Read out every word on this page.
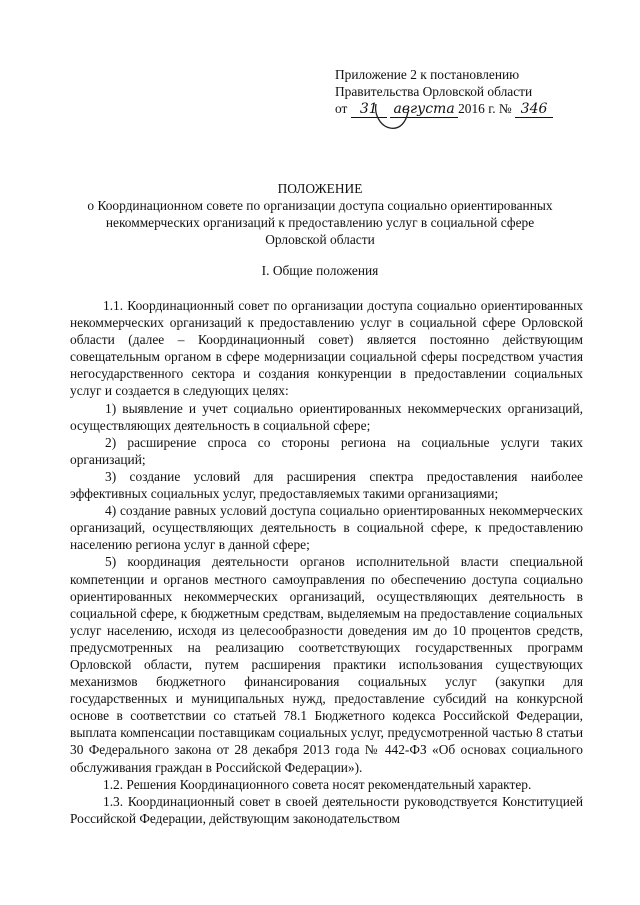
Приложение 2 к постановлению
Правительства Орловской области
от 31 августа 2016 г. № 346
ПОЛОЖЕНИЕ
о Координационном совете по организации доступа социально ориентированных
некоммерческих организаций к предоставлению услуг в социальной сфере
Орловской области
I. Общие положения

1.1. Координационный совет по организации доступа социально ориентированных некоммерческих организаций к предоставлению услуг в социальной сфере Орловской области (далее – Координационный совет) является постоянно действующим совещательным органом в сфере модернизации социальной сферы посредством участия негосударственного сектора и создания конкуренции в предоставлении социальных услуг и создается в следующих целях:

1) выявление и учет социально ориентированных некоммерческих организаций, осуществляющих деятельность в социальной сфере;

2) расширение спроса со стороны региона на социальные услуги таких организаций;

3) создание условий для расширения спектра предоставления наиболее эффективных социальных услуг, предоставляемых такими организациями;

4) создание равных условий доступа социально ориентированных некоммерческих организаций, осуществляющих деятельность в социальной сфере, к предоставлению населению региона услуг в данной сфере;

5) координация деятельности органов исполнительной власти специальной компетенции и органов местного самоуправления по обеспечению доступа социально ориентированных некоммерческих организаций, осуществляющих деятельность в социальной сфере, к бюджетным средствам, выделяемым на предоставление социальных услуг населению, исходя из целесообразности доведения им до 10 процентов средств, предусмотренных на реализацию соответствующих государственных программ Орловской области, путем расширения практики использования существующих механизмов бюджетного финансирования социальных услуг (закупки для государственных и муниципальных нужд, предоставление субсидий на конкурсной основе в соответствии со статьей 78.1 Бюджетного кодекса Российской Федерации, выплата компенсации поставщикам социальных услуг, предусмотренной частью 8 статьи 30 Федерального закона от 28 декабря 2013 года № 442-ФЗ «Об основах социального обслуживания граждан в Российской Федерации»).

1.2. Решения Координационного совета носят рекомендательный характер.

1.3. Координационный совет в своей деятельности руководствуется Конституцией Российской Федерации, действующим законодательством
